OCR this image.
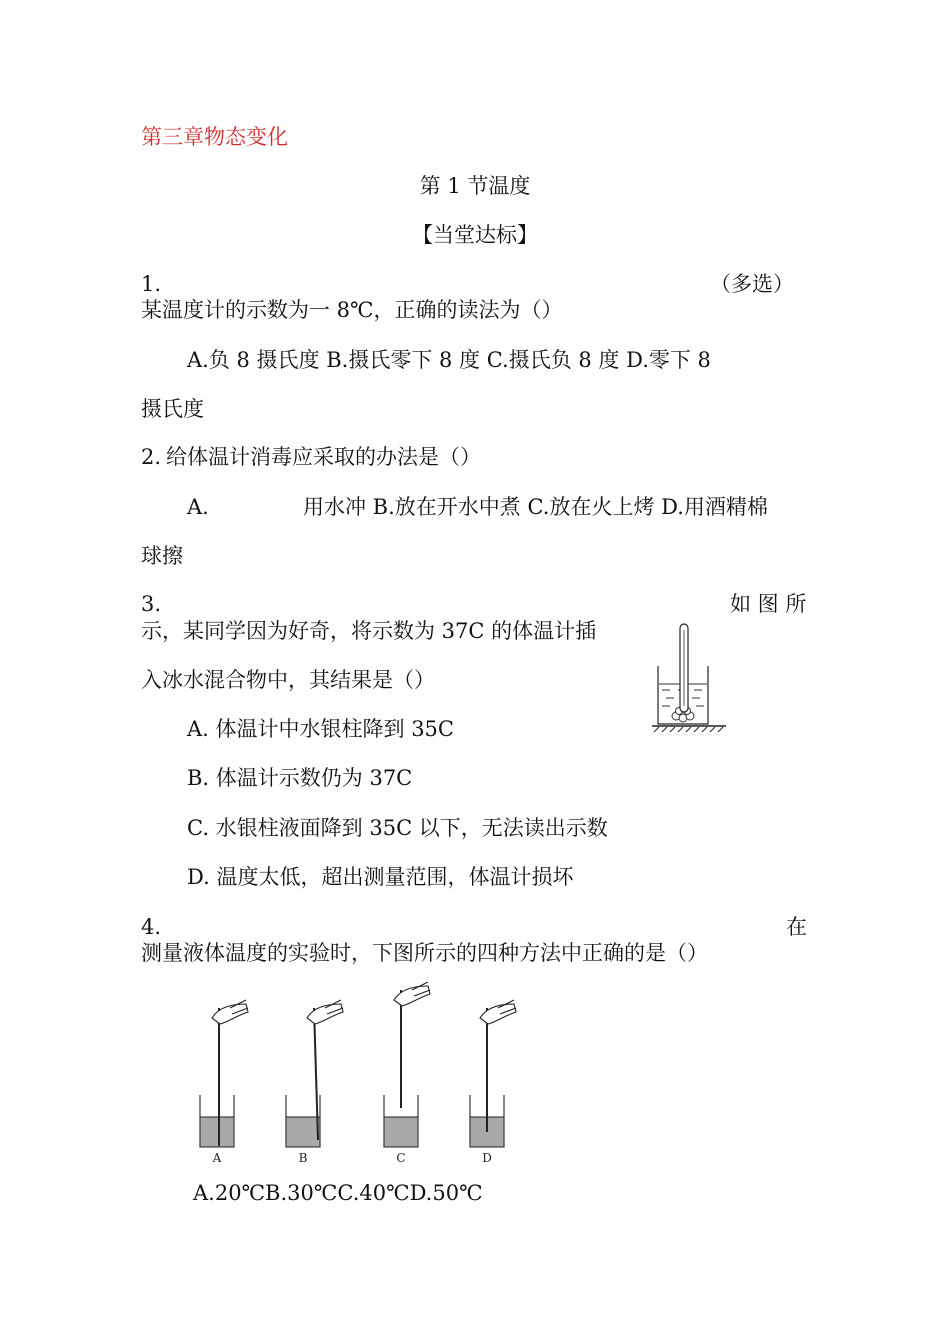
第三章物态变化
第 1 节温度
【当堂达标】
1.	（多选）
某温度计的示数为一 8℃，正确的读法为（）
A.负 8 摄氏度 B.摄氏零下 8 度 C.摄氏负 8 度 D.零下 8
摄氏度
2. 给体温计消毒应采取的办法是（）
A.	用水冲 B.放在开水中煮 C.放在火上烤 D.用酒精棉
球擦
3.	如 图 所
示，某同学因为好奇，将示数为 37C 的体温计插
入冰水混合物中，其结果是（）
A. 体温计中水银柱降到 35C
B. 体温计示数仍为 37C
C. 水银柱液面降到 35C 以下，无法读出示数
D. 温度太低，超出测量范围，体温计损坏
4.	在
测量液体温度的实验时，下图所示的四种方法中正确的是（）
A	B	C	D
A.20℃B.30℃C.40℃D.50℃
